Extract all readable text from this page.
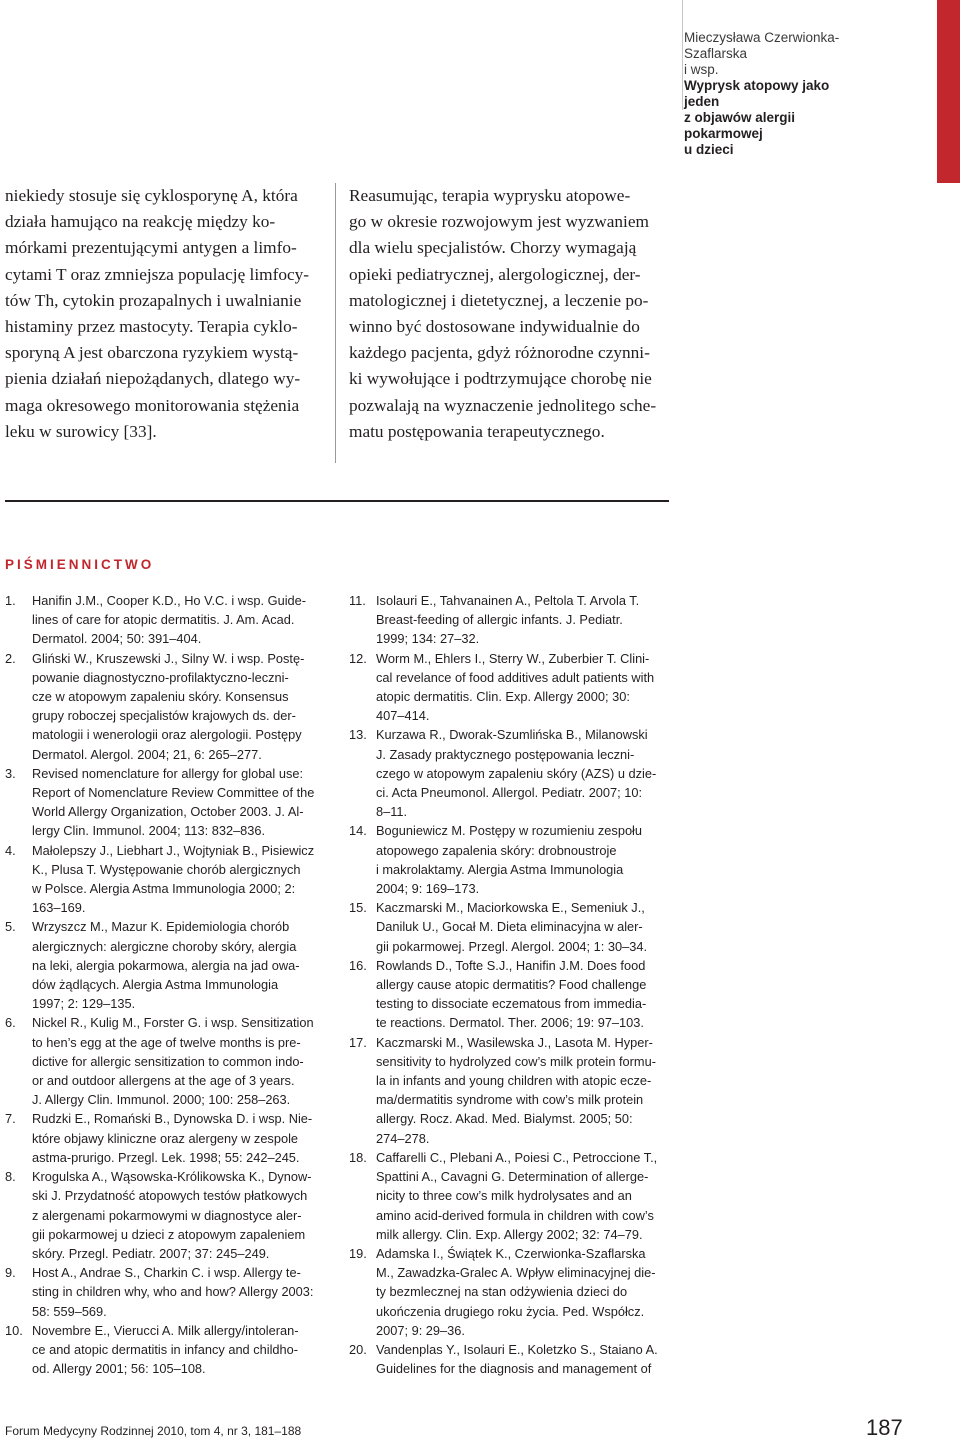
Mieczysława Czerwionka-Szaflarska
i wsp.
Wyprysk atopowy jako jeden
z objawów alergii pokarmowej
u dzieci
niekiedy stosuje się cyklosporynę A, która
działa hamująco na reakcję między ko-
mórkami prezentującymi antygen a limfo-
cytami T oraz zmniejsza populację limfocy-
tów Th, cytokin prozapalnych i uwalnianie
histaminy przez mastocyty. Terapia cyklo-
sporyną A jest obarczona ryzykiem wystą-
pienia działań niepożądanych, dlatego wy-
maga okresowego monitorowania stężenia
leku w surowicy [33].
Reasumując, terapia wyprysku atopowe-
go w okresie rozwojowym jest wyzwaniem
dla wielu specjalistów. Chorzy wymagają
opieki pediatrycznej, alergologicznej, der-
matologicznej i dietetycznej, a leczenie po-
winno być dostosowane indywidualnie do
każdego pacjenta, gdyż różnorodne czynni-
ki wywołujące i podtrzymujące chorobę nie
pozwalają na wyznaczenie jednolitego sche-
matu postępowania terapeutycznego.
PIŚMIENNICTWO
1. Hanifin J.M., Cooper K.D., Ho V.C. i wsp. Guide-
lines of care for atopic dermatitis. J. Am. Acad.
Dermatol. 2004; 50: 391–404.
2. Gliński W., Kruszewski J., Silny W. i wsp. Postę-
powanie diagnostyczno-profilaktyczno-leczni-
cze w atopowym zapaleniu skóry. Konsensus
grupy roboczej specjalistów krajowych ds. der-
matologii i wenerologii oraz alergologii. Postępy
Dermatol. Alergol. 2004; 21, 6: 265–277.
3. Revised nomenclature for allergy for global use:
Report of Nomenclature Review Committee of the
World Allergy Organization, October 2003. J. Al-
lergy Clin. Immunol. 2004; 113: 832–836.
4. Małolepszy J., Liebhart J., Wojtyniak B., Pisiewicz
K., Plusa T. Występowanie chorób alergicznych
w Polsce. Alergia Astma Immunologia 2000; 2:
163–169.
5. Wrzyszcz M., Mazur K. Epidemiologia chorób
alergicznych: alergiczne choroby skóry, alergia
na leki, alergia pokarmowa, alergia na jad owa-
dów żądlących. Alergia Astma Immunologia
1997; 2: 129–135.
6. Nickel R., Kulig M., Forster G. i wsp. Sensitization
to hen’s egg at the age of twelve months is pre-
dictive for allergic sensitization to common indo-
or and outdoor allergens at the age of 3 years.
J. Allergy Clin. Immunol. 2000; 100: 258–263.
7. Rudzki E., Romański B., Dynowska D. i wsp. Nie-
które objawy kliniczne oraz alergeny w zespole
astma-prurigo. Przegl. Lek. 1998; 55: 242–245.
8. Krogulska A., Wąsowska-Królikowska K., Dynow-
ski J. Przydatność atopowych testów płatkowych
z alergenami pokarmowymi w diagnostyce aler-
gii pokarmowej u dzieci z atopowym zapaleniem
skóry. Przegl. Pediatr. 2007; 37: 245–249.
9. Host A., Andrae S., Charkin C. i wsp. Allergy te-
sting in children why, who and how? Allergy 2003:
58: 559–569.
10. Novembre E., Vierucci A. Milk allergy/intoleran-
ce and atopic dermatitis in infancy and childho-
od. Allergy 2001; 56: 105–108.
11. Isolauri E., Tahvanainen A., Peltola T. Arvola T.
Breast-feeding of allergic infants. J. Pediatr.
1999; 134: 27–32.
12. Worm M., Ehlers I., Sterry W., Zuberbier T. Clini-
cal revelance of food additives adult patients with
atopic dermatitis. Clin. Exp. Allergy 2000; 30:
407–414.
13. Kurzawa R., Dworak-Szumlińska B., Milanowski
J. Zasady praktycznego postępowania leczni-
czego w atopowym zapaleniu skóry (AZS) u dzie-
ci. Acta Pneumonol. Allergol. Pediatr. 2007; 10:
8–11.
14. Boguniewicz M. Postępy w rozumieniu zespołu
atopowego zapalenia skóry: drobnoustroje
i makrolaktamy. Alergia Astma Immunologia
2004; 9: 169–173.
15. Kaczmarski M., Maciorkowska E., Semeniuk J.,
Daniluk U., Gocał M. Dieta eliminacyjna w aler-
gii pokarmowej. Przegl. Alergol. 2004; 1: 30–34.
16. Rowlands D., Tofte S.J., Hanifin J.M. Does food
allergy cause atopic dermatitis? Food challenge
testing to dissociate eczematous from immedia-
te reactions. Dermatol. Ther. 2006; 19: 97–103.
17. Kaczmarski M., Wasilewska J., Lasota M. Hyper-
sensitivity to hydrolyzed cow’s milk protein formu-
la in infants and young children with atopic ecze-
ma/dermatitis syndrome with cow’s milk protein
allergy. Rocz. Akad. Med. Bialymst. 2005; 50:
274–278.
18. Caffarelli C., Plebani A., Poiesi C., Petroccione T.,
Spattini A., Cavagni G. Determination of allerge-
nicity to three cow’s milk hydrolysates and an
amino acid-derived formula in children with cow’s
milk allergy. Clin. Exp. Allergy 2002; 32: 74–79.
19. Adamska I., Świątek K., Czerwionka-Szaflarska
M., Zawadzka-Gralec A. Wpływ eliminacyjnej die-
ty bezmlecznej na stan odżywienia dzieci do
ukończenia drugiego roku życia. Ped. Współcz.
2007; 9: 29–36.
20. Vandenplas Y., Isolauri E., Koletzko S., Staiano A.
Guidelines for the diagnosis and management of
Forum Medycyny Rodzinnej 2010, tom 4, nr 3, 181–188	187
